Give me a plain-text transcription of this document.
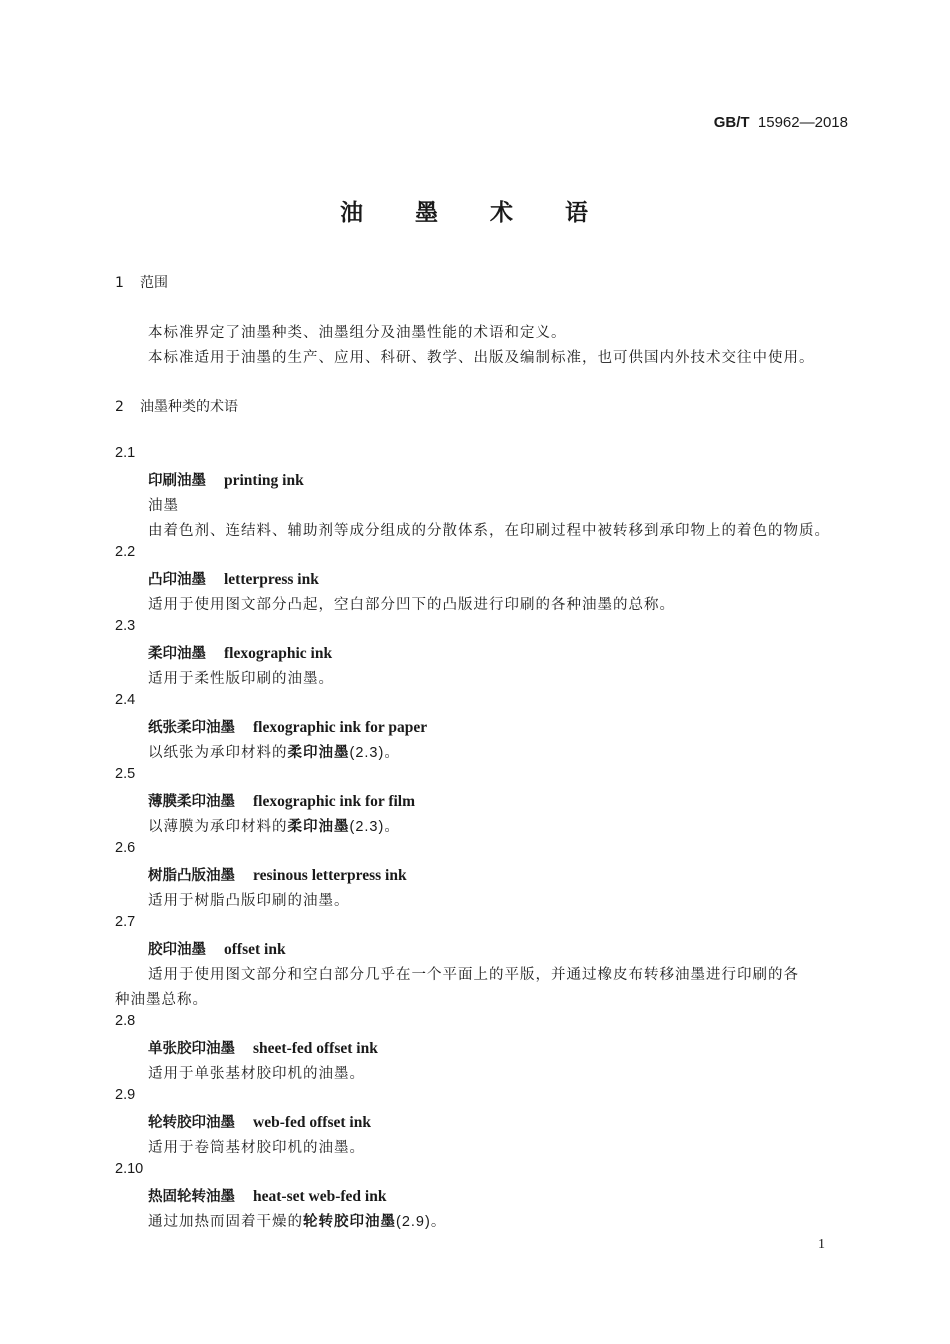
GB/T 15962—2018
油 墨 术 语
1 范围
本标准界定了油墨种类、油墨组分及油墨性能的术语和定义。
本标准适用于油墨的生产、应用、科研、教学、出版及编制标准，也可供国内外技术交往中使用。
2 油墨种类的术语
2.1
印刷油墨 printing ink
油墨
由着色剂、连结料、辅助剂等成分组成的分散体系，在印刷过程中被转移到承印物上的着色的物质。
2.2
凸印油墨 letterpress ink
适用于使用图文部分凸起，空白部分凹下的凸版进行印刷的各种油墨的总称。
2.3
柔印油墨 flexographic ink
适用于柔性版印刷的油墨。
2.4
纸张柔印油墨 flexographic ink for paper
以纸张为承印材料的柔印油墨(2.3)。
2.5
薄膜柔印油墨 flexographic ink for film
以薄膜为承印材料的柔印油墨(2.3)。
2.6
树脂凸版油墨 resinous letterpress ink
适用于树脂凸版印刷的油墨。
2.7
胶印油墨 offset ink
适用于使用图文部分和空白部分几乎在一个平面上的平版，并通过橡皮布转移油墨进行印刷的各
种油墨总称。
2.8
单张胶印油墨 sheet-fed offset ink
适用于单张基材胶印机的油墨。
2.9
轮转胶印油墨 web-fed offset ink
适用于卷筒基材胶印机的油墨。
2.10
热固轮转油墨 heat-set web-fed ink
通过加热而固着干燥的轮转胶印油墨(2.9)。
1
